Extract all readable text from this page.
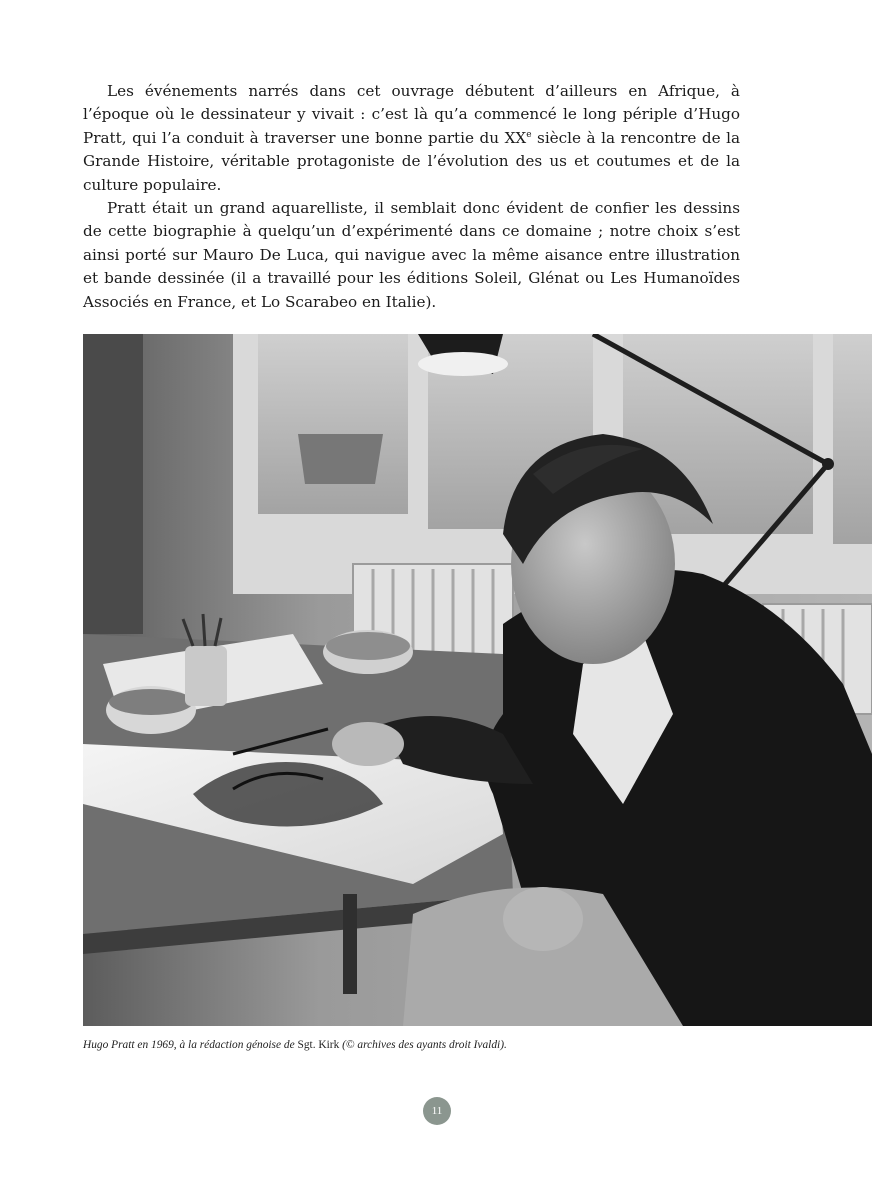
Les événements narrés dans cet ouvrage débutent d’ailleurs en Afrique, à l’époque où le dessinateur y vivait : c’est là qu’a commencé le long périple d’Hugo Pratt, qui l’a conduit à traverser une bonne partie du XXe siècle à la rencontre de la Grande Histoire, véritable protagoniste de l’évolution des us et coutumes et de la culture populaire.

Pratt était un grand aquarelliste, il semblait donc évident de confier les dessins de cette biographie à quelqu’un d’expérimenté dans ce domaine ; notre choix s’est ainsi porté sur Mauro De Luca, qui navigue avec la même aisance entre illustration et bande dessinée (il a travaillé pour les éditions Soleil, Glénat ou Les Humanoïdes Associés en France, et Lo Scarabeo en Italie).

Hugo Pratt en 1969, à la rédaction génoise de Sgt. Kirk (© archives des ayants droit Ivaldi).
11
